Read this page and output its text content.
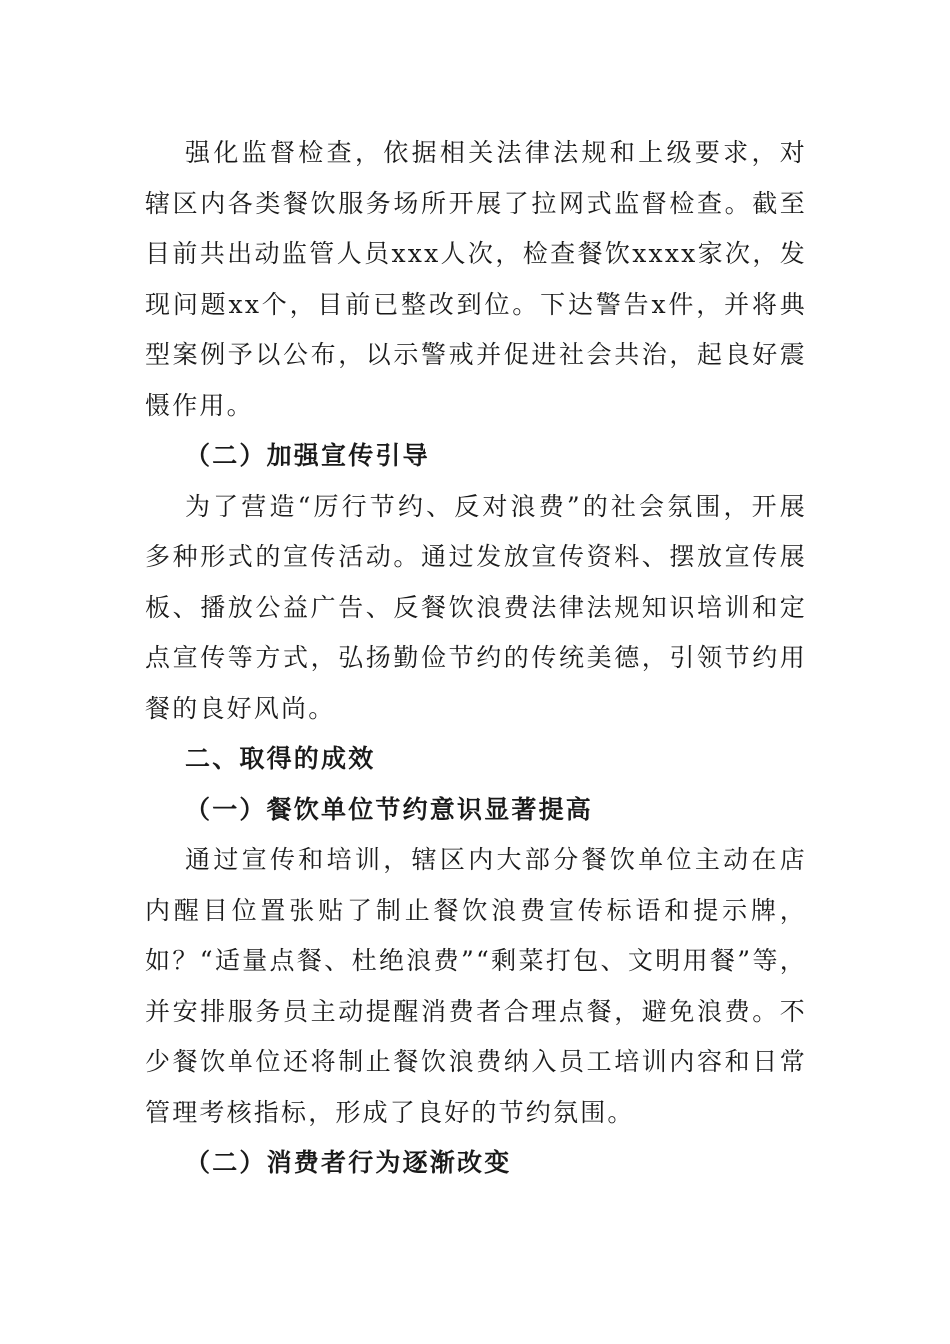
强化监督检查，依据相关法律法规和上级要求，对辖区内各类餐饮服务场所开展了拉网式监督检查。截至目前共出动监管人员xxx人次，检查餐饮xxxx家次，发现问题xx个，目前已整改到位。下达警告x件，并将典型案例予以公布，以示警戒并促进社会共治，起良好震慑作用。

（二）加强宣传引导

为了营造“厉行节约、反对浪费”的社会氛围，开展多种形式的宣传活动。通过发放宣传资料、摆放宣传展板、播放公益广告、反餐饮浪费法律法规知识培训和定点宣传等方式，弘扬勤俭节约的传统美德，引领节约用餐的良好风尚。

二、取得的成效

（一）餐饮单位节约意识显著提高

通过宣传和培训，辖区内大部分餐饮单位主动在店内醒目位置张贴了制止餐饮浪费宣传标语和提示牌，如？“适量点餐、杜绝浪费”“剩菜打包、文明用餐”等，并安排服务员主动提醒消费者合理点餐，避免浪费。不少餐饮单位还将制止餐饮浪费纳入员工培训内容和日常管理考核指标，形成了良好的节约氛围。

（二）消费者行为逐渐改变
